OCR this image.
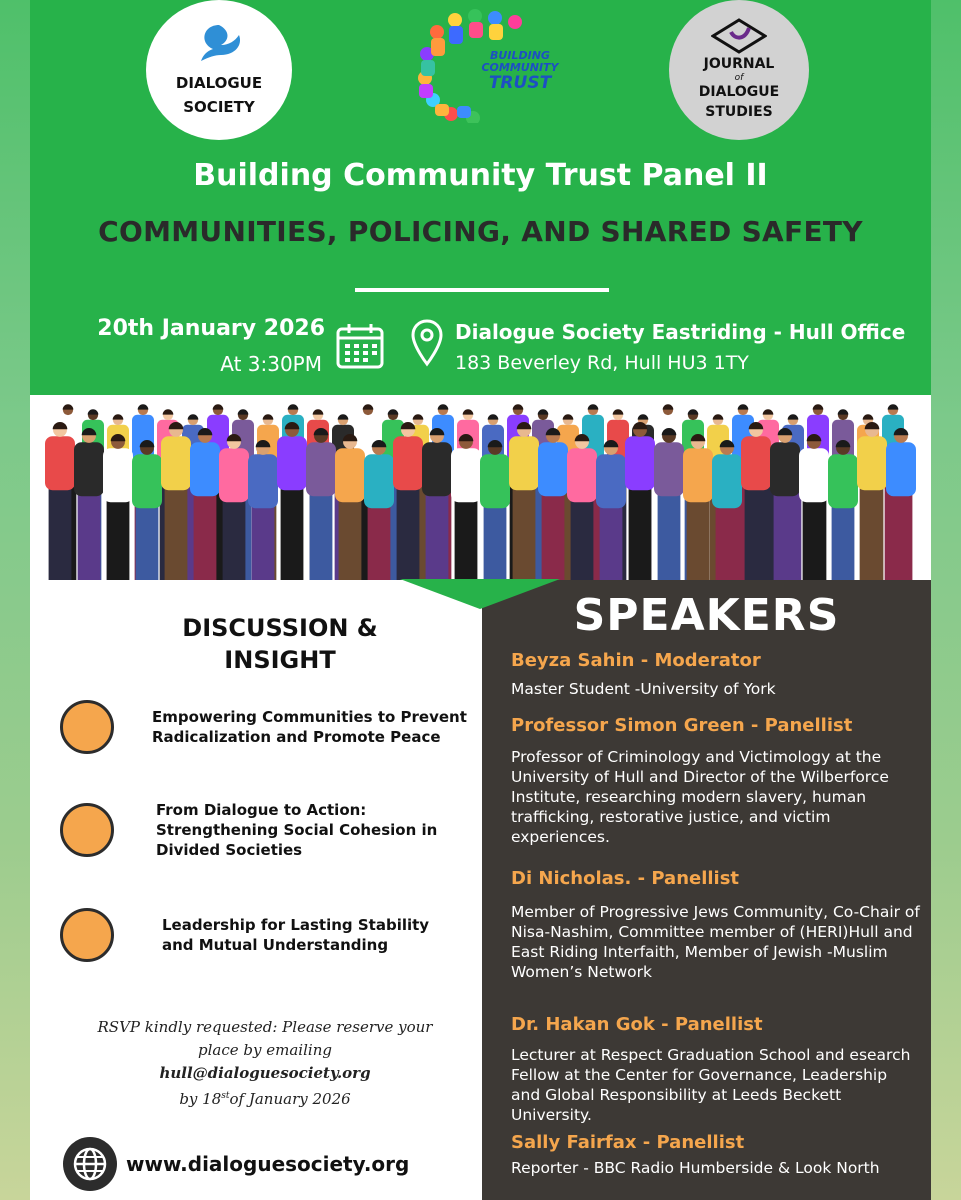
DIALOGUE
SOCIETY
BUILDING
COMMUNITY
TRUST
JOURNAL
of
DIALOGUE
STUDIES
Building Community Trust Panel II
COMMUNITIES, POLICING, AND SHARED SAFETY
20th January 2026
At 3:30PM
Dialogue Society Eastriding - Hull Office
183 Beverley Rd, Hull HU3 1TY
DISCUSSION &
INSIGHT
Empowering Communities to Prevent Radicalization and Promote Peace
From Dialogue to Action: Strengthening Social Cohesion in Divided Societies
Leadership for Lasting Stability and Mutual Understanding
RSVP kindly requested: Please reserve your
place by emailing
hull@dialoguesociety.org
by 18stof January 2026
www.dialoguesociety.org
SPEAKERS
Beyza Sahin - Moderator
Master Student -University of York
Professor Simon Green - Panellist
Professor of Criminology and Victimology at the University of Hull and Director of the Wilberforce Institute, researching modern slavery, human trafficking, restorative justice, and victim experiences.
Di Nicholas. - Panellist
Member of Progressive Jews Community, Co-Chair of Nisa-Nashim, Committee member of (HERI)Hull and East Riding Interfaith, Member of Jewish -Muslim Women’s Network
Dr. Hakan Gok - Panellist
Lecturer at Respect Graduation School and esearch Fellow at the Center for Governance, Leadership and Global Responsibility at Leeds Beckett University.
Sally Fairfax - Panellist
Reporter - BBC Radio Humberside & Look North
